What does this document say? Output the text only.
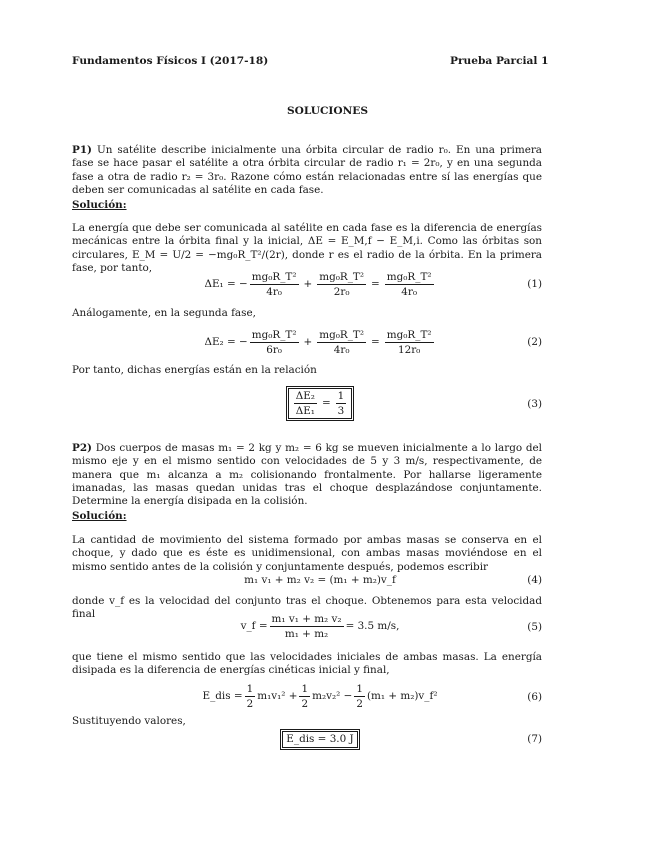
Fundamentos Físicos I (2017-18)	Prueba Parcial 1
SOLUCIONES
P1) Un satélite describe inicialmente una órbita circular de radio r₀. En una primera fase se hace pasar el satélite a otra órbita circular de radio r₁ = 2r₀, y en una segunda fase a otra de radio r₂ = 3r₀. Razone cómo están relacionadas entre sí las energías que deben ser comunicadas al satélite en cada fase.
Solución:
La energía que debe ser comunicada al satélite en cada fase es la diferencia de energías mecánicas entre la órbita final y la inicial, ΔE = E_M,f − E_M,i. Como las órbitas son circulares, E_M = U/2 = −mg₀R_T²/(2r), donde r es el radio de la órbita. En la primera fase, por tanto,
ΔE₁ = − $\frac{\text{mg₀R\_T²}}{\text{4r₀}} + \frac{\text{mg₀R\_T²}}{\text{2r₀}} = \frac{\text{mg₀R\_T²}}{\text{4r₀}}$	(1)
Análogamente, en la segunda fase,
ΔE₂ = − $\frac{\text{mg₀R\_T²}}{\text{6r₀}} + \frac{\text{mg₀R\_T²}}{\text{4r₀}} = \frac{\text{mg₀R\_T²}}{\text{12r₀}}$	(2)
Por tanto, dichas energías están en la relación
$\frac{\text{ΔE₂}}{\text{ΔE₁}} = \frac{1}{3}$	(3)
P2) Dos cuerpos de masas m₁ = 2 kg y m₂ = 6 kg se mueven inicialmente a lo largo del mismo eje y en el mismo sentido con velocidades de 5 y 3 m/s, respectivamente, de manera que m₁ alcanza a m₂ colisionando frontalmente. Por hallarse ligeramente imanadas, las masas quedan unidas tras el choque desplazándose conjuntamente. Determine la energía disipada en la colisión.
Solución:
La cantidad de movimiento del sistema formado por ambas masas se conserva en el choque, y dado que es éste es unidimensional, con ambas masas moviéndose en el mismo sentido antes de la colisión y conjuntamente después, podemos escribir
m₁ v₁ + m₂ v₂ = (m₁ + m₂)v_f	(4)
donde v_f es la velocidad del conjunto tras el choque. Obtenemos para esta velocidad final
v_f = $\frac{\text{m₁ v₁ + m₂ v₂}}{\text{m₁ + m₂}} = 3.5$ m/s,	(5)
que tiene el mismo sentido que las velocidades iniciales de ambas masas. La energía disipada es la diferencia de energías cinéticas inicial y final,
E_dis = $\frac{1}{2} m_1v_1^2 + \frac{1}{2} m_2v_2^2 - \frac{1}{2} (m_1$ + m₂)v_f²	(6)
Sustituyendo valores,
E_dis = 3.0 J	(7)
